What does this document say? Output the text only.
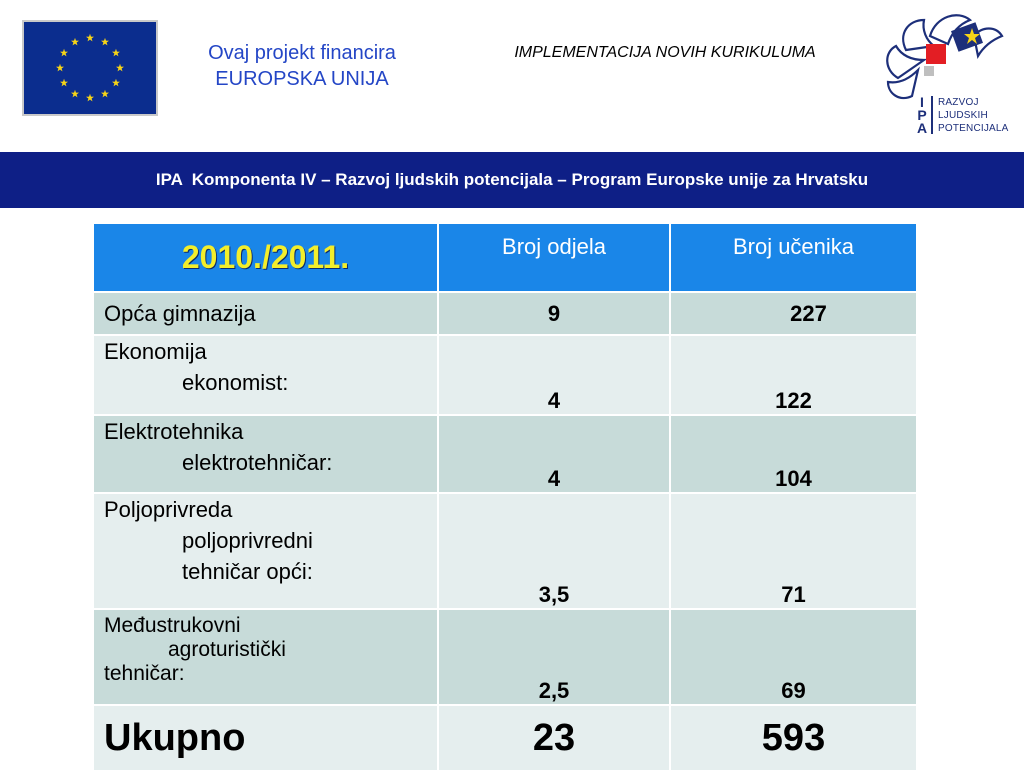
Ovaj projekt financira
EUROPSKA UNIJA
IMPLEMENTACIJA NOVIH KURIKULUMA
I
P
A
RAZVOJ
LJUDSKIH
POTENCIJALA
IPA  Komponenta IV – Razvoj ljudskih potencijala – Program Europske unije za Hrvatsku
2010./2011.	Broj odjela	Broj učenika
Opća gimnazija	9	227
Ekonomija
ekonomist:	4	122
Elektrotehnika
elektrotehničar:	4	104
Poljoprivreda
poljoprivredni
tehničar opći:	3,5	71

Međustrukovni
agroturistički
tehničar:	2,5	69
Ukupno	23	593
